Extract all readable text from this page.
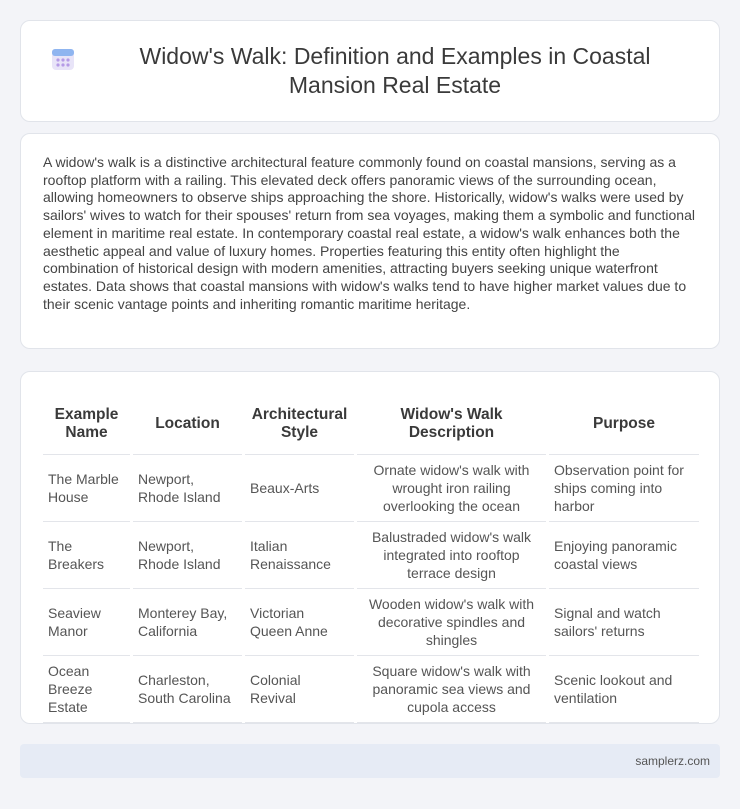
Widow's Walk: Definition and Examples in Coastal Mansion Real Estate

A widow's walk is a distinctive architectural feature commonly found on coastal mansions, serving as a rooftop platform with a railing. This elevated deck offers panoramic views of the surrounding ocean, allowing homeowners to observe ships approaching the shore. Historically, widow's walks were used by sailors' wives to watch for their spouses' return from sea voyages, making them a symbolic and functional element in maritime real estate. In contemporary coastal real estate, a widow's walk enhances both the aesthetic appeal and value of luxury homes. Properties featuring this entity often highlight the combination of historical design with modern amenities, attracting buyers seeking unique waterfront estates. Data shows that coastal mansions with widow's walks tend to have higher market values due to their scenic vantage points and inheriting romantic maritime heritage.

Example Name	Location	Architectural Style	Widow's Walk Description	Purpose
The Marble House	Newport, Rhode Island	Beaux-Arts	Ornate widow's walk with wrought iron railing overlooking the ocean	Observation point for ships coming into harbor
The Breakers	Newport, Rhode Island	Italian Renaissance	Balustraded widow's walk integrated into rooftop terrace design	Enjoying panoramic coastal views
Seaview Manor	Monterey Bay, California	Victorian Queen Anne	Wooden widow's walk with decorative spindles and shingles	Signal and watch sailors' returns
Ocean Breeze Estate	Charleston, South Carolina	Colonial Revival	Square widow's walk with panoramic sea views and cupola access	Scenic lookout and ventilation
samplerz.com
